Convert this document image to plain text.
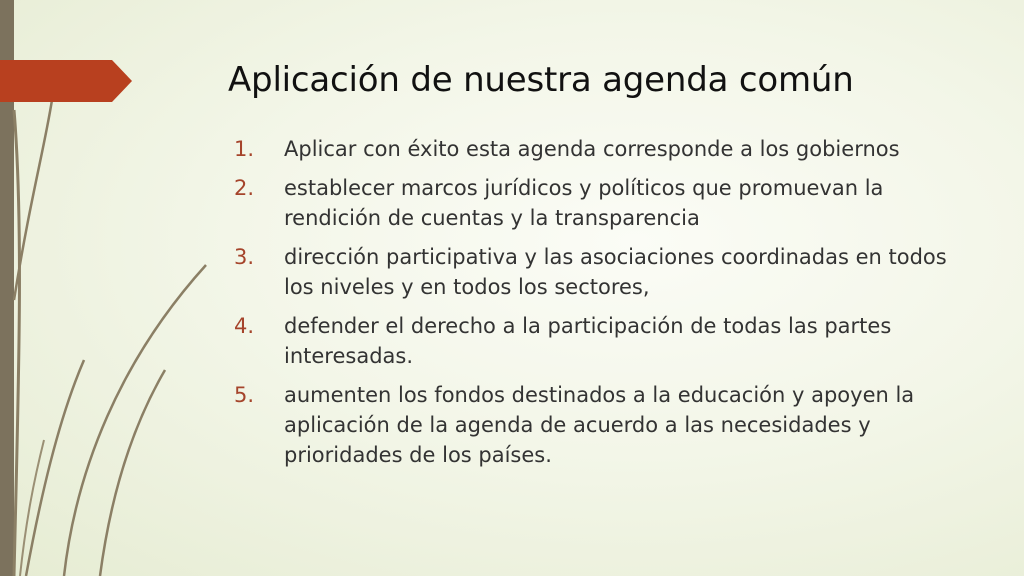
Aplicación de nuestra agenda común
1.	Aplicar con éxito esta agenda corresponde a los gobiernos
2.	establecer marcos jurídicos y políticos que promuevan la rendición de cuentas y la transparencia
3.	dirección participativa y las asociaciones coordinadas en todos los niveles y en todos los sectores,
4.	defender el derecho a la participación de todas las partes interesadas.
5.	aumenten los fondos destinados a la educación y apoyen la aplicación de la agenda de acuerdo a las necesidades y prioridades de los países.
